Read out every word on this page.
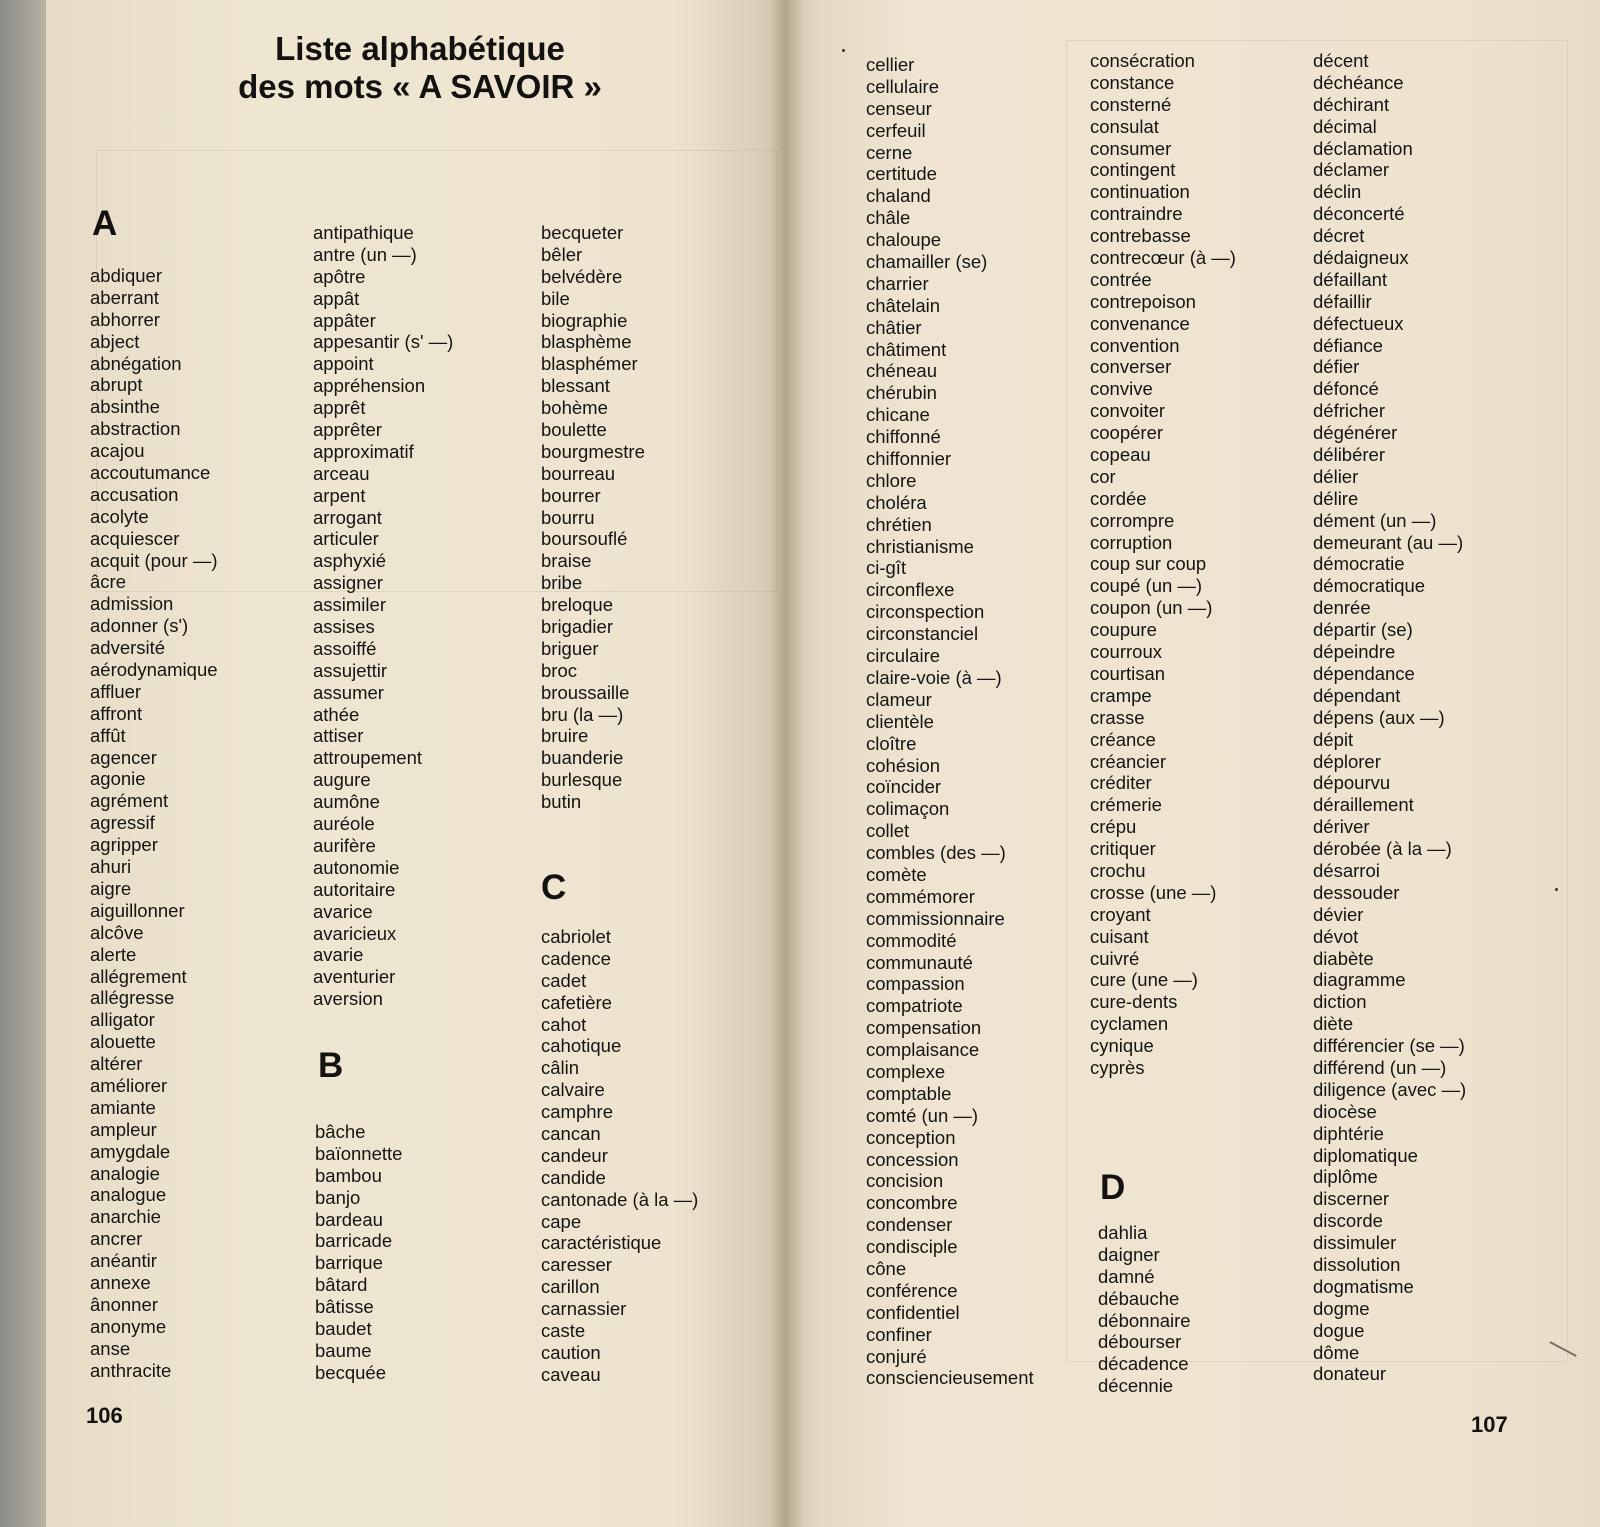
Liste alphabétique
des mots « A SAVOIR »
A
abdiquer
aberrant
abhorrer
abject
abnégation
abrupt
absinthe
abstraction
acajou
accoutumance
accusation
acolyte
acquiescer
acquit (pour —)
âcre
admission
adonner (s')
adversité
aérodynamique
affluer
affront
affût
agencer
agonie
agrément
agressif
agripper
ahuri
aigre
aiguillonner
alcôve
alerte
allégrement
allégresse
alligator
alouette
altérer
améliorer
amiante
ampleur
amygdale
analogie
analogue
anarchie
ancrer
anéantir
annexe
ânonner
anonyme
anse
anthracite
antipathique
antre (un —)
apôtre
appât
appâter
appesantir (s' —)
appoint
appréhension
apprêt
apprêter
approximatif
arceau
arpent
arrogant
articuler
asphyxié
assigner
assimiler
assises
assoiffé
assujettir
assumer
athée
attiser
attroupement
augure
aumône
auréole
aurifère
autonomie
autoritaire
avarice
avaricieux
avarie
aventurier
aversion
B
bâche
baïonnette
bambou
banjo
bardeau
barricade
barrique
bâtard
bâtisse
baudet
baume
becquée
becqueter
bêler
belvédère
bile
biographie
blasphème
blasphémer
blessant
bohème
boulette
bourgmestre
bourreau
bourrer
bourru
boursouflé
braise
bribe
breloque
brigadier
briguer
broc
broussaille
bru (la —)
bruire
buanderie
burlesque
butin
C
cabriolet
cadence
cadet
cafetière
cahot
cahotique
câlin
calvaire
camphre
cancan
candeur
candide
cantonade (à la —)
cape
caractéristique
caresser
carillon
carnassier
caste
caution
caveau
106
cellier
cellulaire
censeur
cerfeuil
cerne
certitude
chaland
châle
chaloupe
chamailler (se)
charrier
châtelain
châtier
châtiment
chéneau
chérubin
chicane
chiffonné
chiffonnier
chlore
choléra
chrétien
christianisme
ci-gît
circonflexe
circonspection
circonstanciel
circulaire
claire-voie (à —)
clameur
clientèle
cloître
cohésion
coïncider
colimaçon
collet
combles (des —)
comète
commémorer
commissionnaire
commodité
communauté
compassion
compatriote
compensation
complaisance
complexe
comptable
comté (un —)
conception
concession
concision
concombre
condenser
condisciple
cône
conférence
confidentiel
confiner
conjuré
consciencieusement
consécration
constance
consterné
consulat
consumer
contingent
continuation
contraindre
contrebasse
contrecœur (à —)
contrée
contrepoison
convenance
convention
converser
convive
convoiter
coopérer
copeau
cor
cordée
corrompre
corruption
coup sur coup
coupé (un —)
coupon (un —)
coupure
courroux
courtisan
crampe
crasse
créance
créancier
créditer
crémerie
crépu
critiquer
crochu
crosse (une —)
croyant
cuisant
cuivré
cure (une —)
cure-dents
cyclamen
cynique
cyprès
D
dahlia
daigner
damné
débauche
débonnaire
débourser
décadence
décennie
décent
déchéance
déchirant
décimal
déclamation
déclamer
déclin
déconcerté
décret
dédaigneux
défaillant
défaillir
défectueux
défiance
défier
défoncé
défricher
dégénérer
délibérer
délier
délire
dément (un —)
demeurant (au —)
démocratie
démocratique
denrée
départir (se)
dépeindre
dépendance
dépendant
dépens (aux —)
dépit
déplorer
dépourvu
déraillement
dériver
dérobée (à la —)
désarroi
dessouder
dévier
dévot
diabète
diagramme
diction
diète
différencier (se —)
différend (un —)
diligence (avec —)
diocèse
diphtérie
diplomatique
diplôme
discerner
discorde
dissimuler
dissolution
dogmatisme
dogme
dogue
dôme
donateur
107
